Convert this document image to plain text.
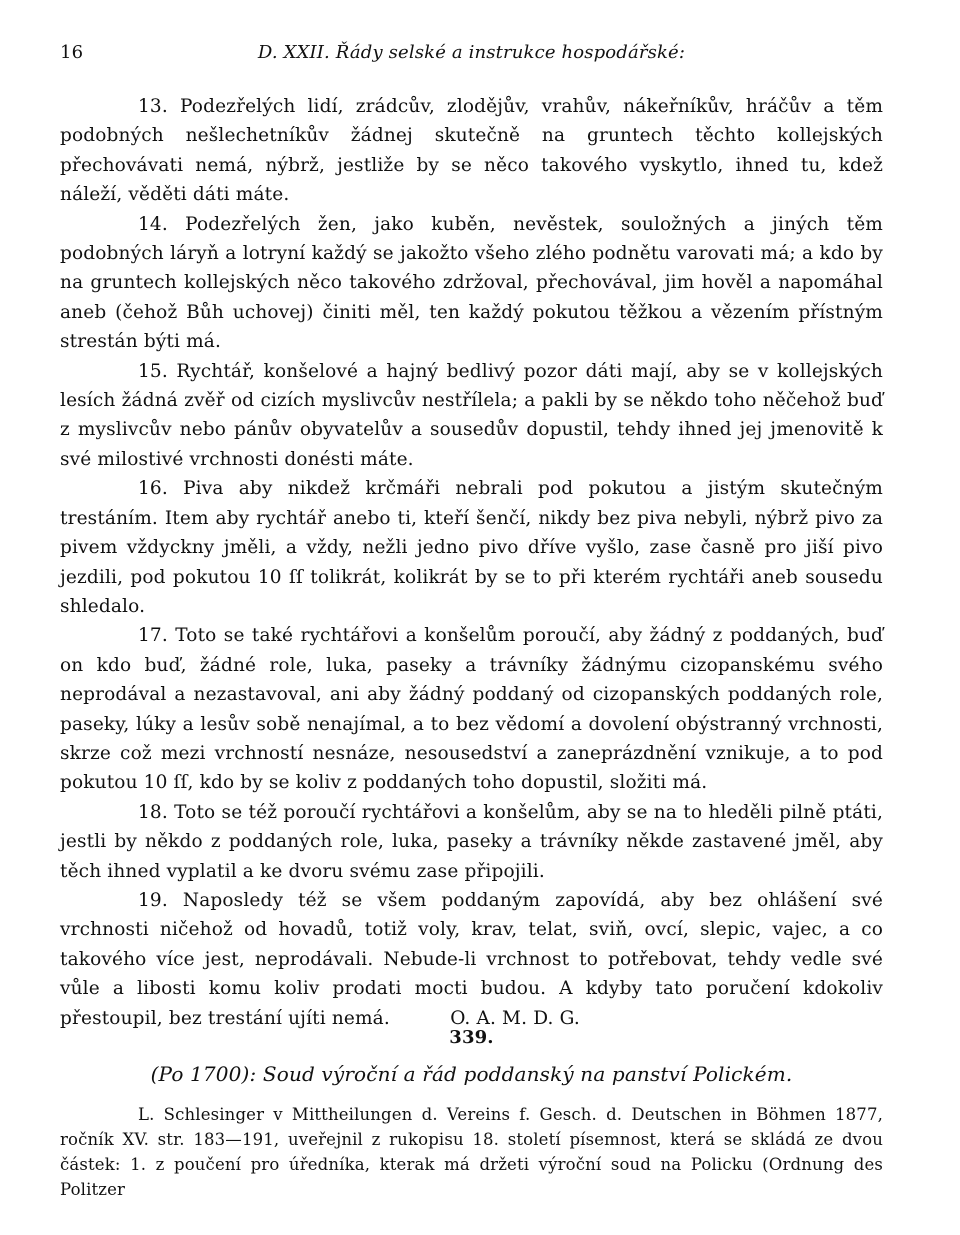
16	D. XXII. Řády selské a instrukce hospodářské:

13. Podezřelých lidí, zrádcův, zlodějův, vrahův, nákeřníkův, hráčův a těm podobných nešlechetníkův žádnej skutečně na gruntech těchto kollejských přechovávati nemá, nýbrž, jestliže by se něco takového vyskytlo, ihned tu, kdež náleží, věděti dáti máte.

14. Podezřelých žen, jako kuběn, nevěstek, souložných a jiných těm podobných láryň a lotryní každý se jakožto všeho zlého podnětu varovati má; a kdo by na gruntech kollejských něco takového zdržoval, přechovával, jim hověl a napomáhal aneb (čehož Bůh uchovej) činiti měl, ten každý pokutou těžkou a vězením přístným strestán býti má.

15. Rychtář, konšelové a hajný bedlivý pozor dáti mají, aby se v kollejských lesích žádná zvěř od cizích myslivcův nestřílela; a pakli by se někdo toho něčehož buď z myslivcův nebo pánův obyvatelův a sousedův dopustil, tehdy ihned jej jmenovitě k své milostivé vrchnosti donésti máte.

16. Piva aby nikdež krčmáři nebrali pod pokutou a jistým skutečným trestáním. Item aby rychtář anebo ti, kteří šenčí, nikdy bez piva nebyli, nýbrž pivo za pivem vždyckny jměli, a vždy, nežli jedno pivo dříve vyšlo, zase časně pro jiší pivo jezdili, pod pokutou 10 ſſ tolikrát, kolikrát by se to při kterém rychtáři aneb sousedu shledalo.

17. Toto se také rychtářovi a konšelům poroučí, aby žádný z poddaných, buď on kdo buď, žádné role, luka, paseky a trávníky žádnýmu cizopanskému svého neprodával a nezastavoval, ani aby žádný poddaný od cizopanských poddaných role, paseky, lúky a lesův sobě nenajímal, a to bez vědomí a dovolení obýstranný vrchnosti, skrze což mezi vrchností nesnáze, nesousedství a zaneprázdnění vznikuje, a to pod pokutou 10 ſſ, kdo by se koliv z poddaných toho dopustil, složiti má.

18. Toto se též poroučí rychtářovi a konšelům, aby se na to hleděli pilně ptáti, jestli by někdo z poddaných role, luka, paseky a trávníky někde zastavené jměl, aby těch ihned vyplatil a ke dvoru svému zase připojili.

19. Naposledy též se všem poddaným zapovídá, aby bez ohlášení své vrchnosti ničehož od hovadů, totiž voly, krav, telat, sviň, ovcí, slepic, vajec, a co takového více jest, neprodávali. Nebude-li vrchnost to potřebovat, tehdy vedle své vůle a libosti komu koliv prodati mocti budou. A kdyby tato poručení kdokoliv přestoupil, bez trestání ujíti nemá.          O. A. M. D. G.

339.
(Po 1700): Soud výroční a řád poddanský na panství Polickém.

L. Schlesinger v Mittheilungen d. Vereins f. Gesch. d. Deutschen in Böhmen 1877, ročník XV. str. 183—191, uveřejnil z rukopisu 18. století písemnost, která se skládá ze dvou částek: 1. z poučení pro úředníka, kterak má držeti výroční soud na Policku (Ordnung des Politzer
